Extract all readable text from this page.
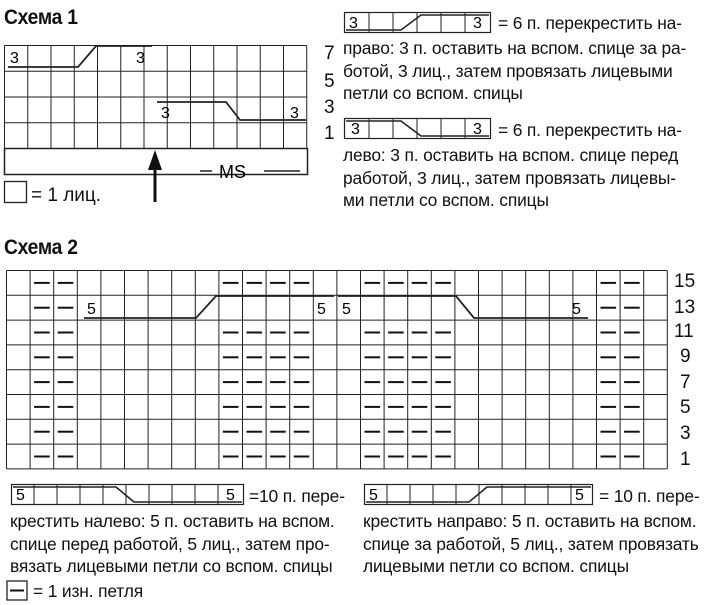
Схема 1
3	3
3	3
MS
= 1 лиц.
7
5
3
1
3	3 = 6 п. перекрестить на-
право: 3 п. оставить на вспом. спице за ра-
ботой, 3 лиц., затем провязать лицевыми
петли со вспом. спицы
3	3 = 6 п. перекрестить на-
лево: 3 п. оставить на вспом. спице перед
работой, 3 лиц., затем провязать лицевы-
ми петли со вспом. спицы
Схема 2
5	5 5	5
15
13
11
9
7
5
3
1
5	5 =10 п. пере-
крестить налево: 5 п. оставить на вспом.
спице перед работой, 5 лиц., затем про-
вязать лицевыми петли со вспом. спицы
5	5 = 10 п. пере-
крестить направо: 5 п. оставить на вспом.
спице за работой, 5 лиц., затем провязать
лицевыми петли со вспом. спицы
= 1 изн. петля
